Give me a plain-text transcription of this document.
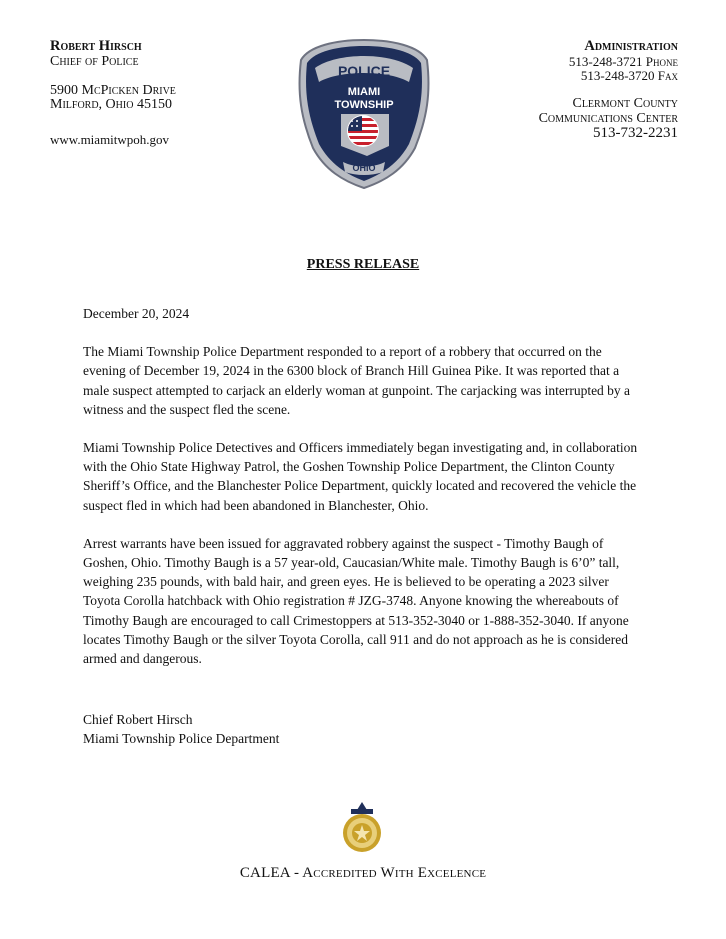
Robert Hirsch
Chief of Police
5900 McPicken Drive
Milford, Ohio 45150
www.miamitwpoh.gov
POLICE
MIAMI
TOWNSHIP
OHIO
Administration
513-248-3721 Phone
513-248-3720 Fax
Clermont County
Communications Center
513-732-2231
PRESS RELEASE

December 20, 2024

The Miami Township Police Department responded to a report of a robbery that occurred on the evening of December 19, 2024 in the 6300 block of Branch Hill Guinea Pike. It was reported that a male suspect attempted to carjack an elderly woman at gunpoint. The carjacking was interrupted by a witness and the suspect fled the scene.

Miami Township Police Detectives and Officers immediately began investigating and, in collaboration with the Ohio State Highway Patrol, the Goshen Township Police Department, the Clinton County Sheriff’s Office, and the Blanchester Police Department, quickly located and recovered the vehicle the suspect fled in which had been abandoned in Blanchester, Ohio.

Arrest warrants have been issued for aggravated robbery against the suspect - Timothy Baugh of Goshen, Ohio. Timothy Baugh is a 57 year-old, Caucasian/White male. Timothy Baugh is 6’0” tall, weighing 235 pounds, with bald hair, and green eyes. He is believed to be operating a 2023 silver Toyota Corolla hatchback with Ohio registration # JZG-3748. Anyone knowing the whereabouts of Timothy Baugh are encouraged to call Crimestoppers at 513-352-3040 or 1-888-352-3040. If anyone locates Timothy Baugh or the silver Toyota Corolla, call 911 and do not approach as he is considered armed and dangerous.

Chief Robert Hirsch
Miami Township Police Department
CALEA - Accredited With Excelence
